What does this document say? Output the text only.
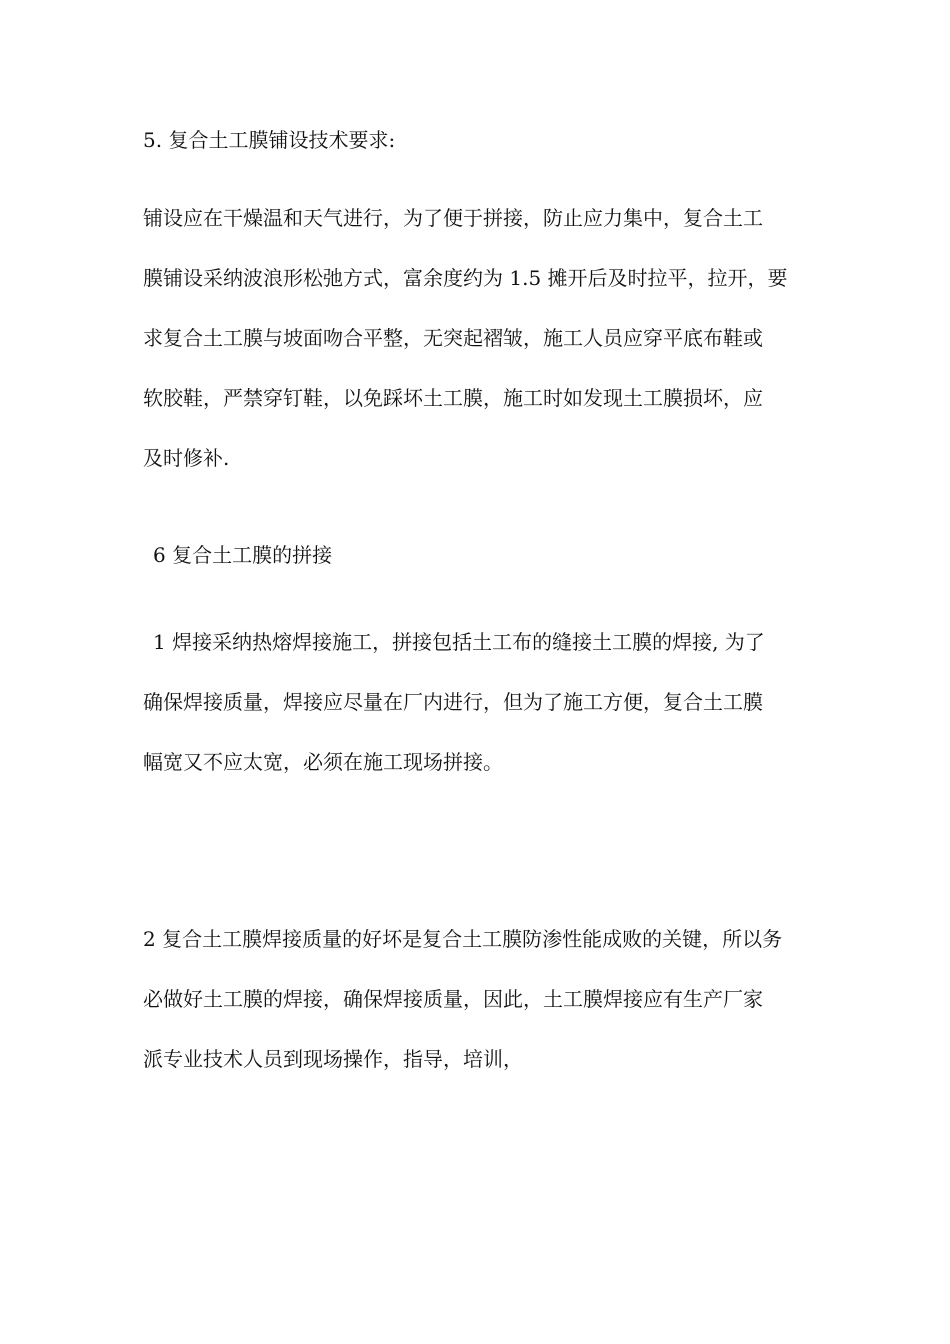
5. 复合土工膜铺设技术要求:
铺设应在干燥温和天气进行，为了便于拼接，防止应力集中，复合土工
膜铺设采纳波浪形松弛方式，富余度约为 1.5 摊开后及时拉平，拉开，要
求复合土工膜与坡面吻合平整，无突起褶皱，施工人员应穿平底布鞋或
软胶鞋，严禁穿钉鞋，以免踩坏土工膜，施工时如发现土工膜损坏，应
及时修补.
6 复合土工膜的拼接
1 焊接采纳热熔焊接施工，拼接包括土工布的缝接土工膜的焊接, 为了
确保焊接质量，焊接应尽量在厂内进行，但为了施工方便，复合土工膜
幅宽又不应太宽，必须在施工现场拼接。
2 复合土工膜焊接质量的好坏是复合土工膜防渗性能成败的关键，所以务
必做好土工膜的焊接，确保焊接质量，因此，土工膜焊接应有生产厂家
派专业技术人员到现场操作，指导，培训，
